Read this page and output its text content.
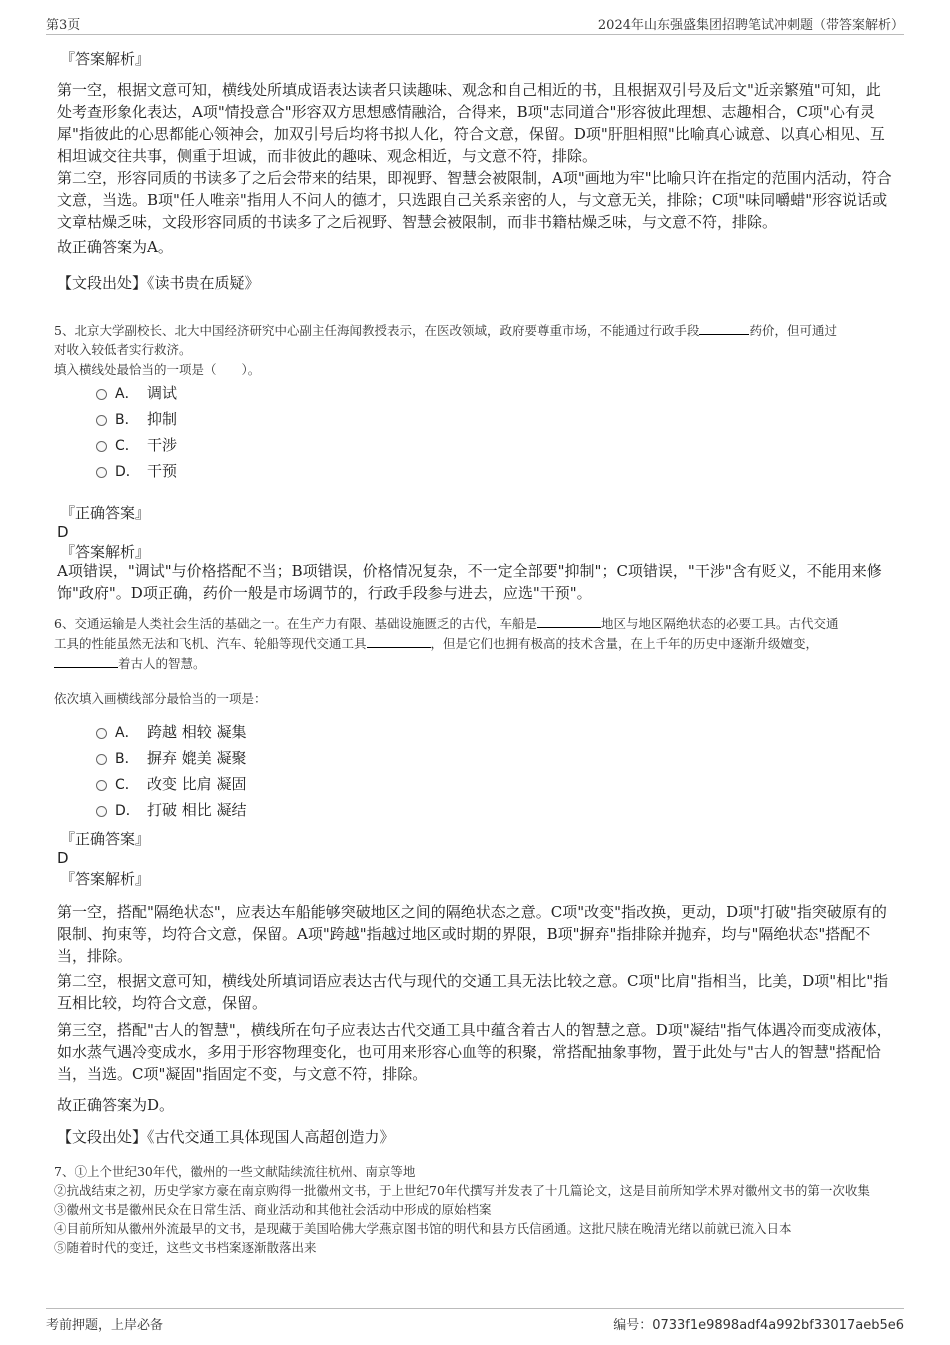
第3页	2024年山东强盛集团招聘笔试冲刺题（带答案解析）
『答案解析』
第一空，根据文意可知，横线处所填成语表达读者只读趣味、观念和自己相近的书，且根据双引号及后文"近亲繁殖"可知，此处考查形象化表达，A项"情投意合"形容双方思想感情融洽，合得来，B项"志同道合"形容彼此理想、志趣相合，C项"心有灵犀"指彼此的心思都能心领神会，加双引号后均将书拟人化，符合文意，保留。D项"肝胆相照"比喻真心诚意、以真心相见、互相坦诚交往共事，侧重于坦诚，而非彼此的趣味、观念相近，与文意不符，排除。
第二空，形容同质的书读多了之后会带来的结果，即视野、智慧会被限制，A项"画地为牢"比喻只许在指定的范围内活动，符合文意，当选。B项"任人唯亲"指用人不问人的德才，只选跟自己关系亲密的人，与文意无关，排除；C项"味同嚼蜡"形容说话或文章枯燥乏味，文段形容同质的书读多了之后视野、智慧会被限制，而非书籍枯燥乏味，与文意不符，排除。
故正确答案为A。
【文段出处】《读书贵在质疑》
5、北京大学副校长、北大中国经济研究中心副主任海闻教授表示，在医改领域，政府要尊重市场，不能通过行政手段	药价，但可通过
对收入较低者实行救济。
填入横线处最恰当的一项是（　　）。
A． 调试
B． 抑制
C． 干涉
D． 干预
『正确答案』
D
『答案解析』
A项错误，"调试"与价格搭配不当；B项错误，价格情况复杂，不一定全部要"抑制"；C项错误，"干涉"含有贬义，不能用来修饰"政府"。D项正确，药价一般是市场调节的，行政手段参与进去，应选"干预"。
6、交通运输是人类社会生活的基础之一。在生产力有限、基础设施匮乏的古代，车船是	地区与地区隔绝状态的必要工具。古代交通
工具的性能虽然无法和飞机、汽车、轮船等现代交通工具	，但是它们也拥有极高的技术含量，在上千年的历史中逐渐升级嬗变，
着古人的智慧。
依次填入画横线部分最恰当的一项是：
A． 跨越 相较 凝集
B． 摒弃 媲美 凝聚
C． 改变 比肩 凝固
D． 打破 相比 凝结
『正确答案』
D
『答案解析』
第一空，搭配"隔绝状态"，应表达车船能够突破地区之间的隔绝状态之意。C项"改变"指改换，更动，D项"打破"指突破原有的限制、拘束等，均符合文意，保留。A项"跨越"指越过地区或时期的界限，B项"摒弃"指排除并抛弃，均与"隔绝状态"搭配不当，排除。
第二空，根据文意可知，横线处所填词语应表达古代与现代的交通工具无法比较之意。C项"比肩"指相当，比美，D项"相比"指互相比较，均符合文意，保留。
第三空，搭配"古人的智慧"，横线所在句子应表达古代交通工具中蕴含着古人的智慧之意。D项"凝结"指气体遇冷而变成液体，如水蒸气遇冷变成水，多用于形容物理变化，也可用来形容心血等的积聚，常搭配抽象事物，置于此处与"古人的智慧"搭配恰当，当选。C项"凝固"指固定不变，与文意不符，排除。
故正确答案为D。
【文段出处】《古代交通工具体现国人高超创造力》
7、①上个世纪30年代，徽州的一些文献陆续流往杭州、南京等地
②抗战结束之初，历史学家方豪在南京购得一批徽州文书，于上世纪70年代撰写并发表了十几篇论文，这是目前所知学术界对徽州文书的第一次收集
③徽州文书是徽州民众在日常生活、商业活动和其他社会活动中形成的原始档案
④目前所知从徽州外流最早的文书，是现藏于美国哈佛大学燕京图书馆的明代和县方氏信函通。这批尺牍在晚清光绪以前就已流入日本
⑤随着时代的变迁，这些文书档案逐渐散落出来
考前押题，上岸必备	编号：0733f1e9898adf4a992bf33017aeb5e6
